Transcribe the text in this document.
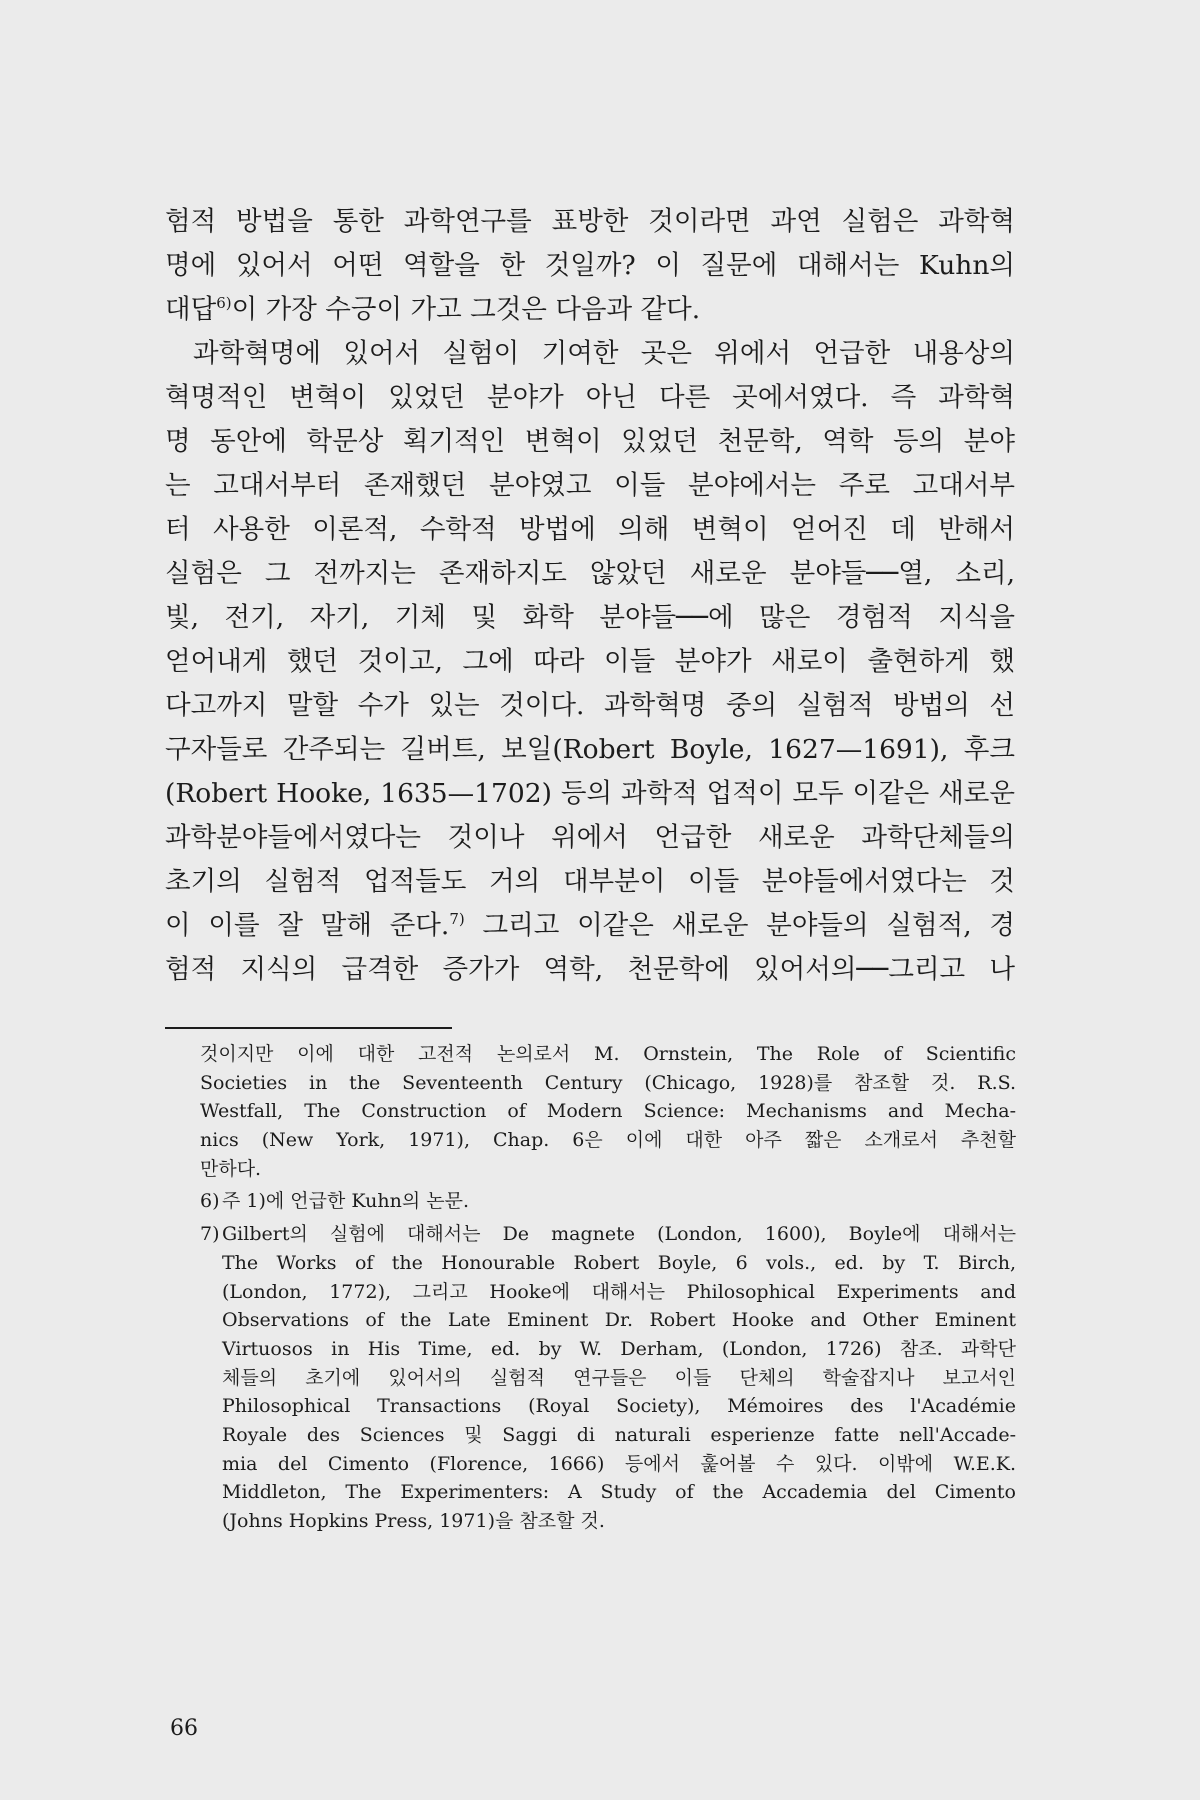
험적 방법을 통한 과학연구를 표방한 것이라면 과연 실험은 과학혁
명에 있어서 어떤 역할을 한 것일까? 이 질문에 대해서는 Kuhn의
대답$^{6)}$이 가장 수긍이 가고 그것은 다음과 같다.
과학혁명에 있어서 실험이 기여한 곳은 위에서 언급한 내용상의
혁명적인 변혁이 있었던 분야가 아닌 다른 곳에서였다. 즉 과학혁
명 동안에 학문상 획기적인 변혁이 있었던 천문학, 역학 등의 분야
는 고대서부터 존재했던 분야였고 이들 분야에서는 주로 고대서부
터 사용한 이론적, 수학적 방법에 의해 변혁이 얻어진 데 반해서
실험은 그 전까지는 존재하지도 않았던 새로운 분야들──열, 소리,
빛, 전기, 자기, 기체 및 화학 분야들──에 많은 경험적 지식을
얻어내게 했던 것이고, 그에 따라 이들 분야가 새로이 출현하게 했
다고까지 말할 수가 있는 것이다. 과학혁명 중의 실험적 방법의 선
구자들로 간주되는 길버트, 보일(Robert Boyle, 1627—1691), 후크
(Robert Hooke, 1635—1702) 등의 과학적 업적이 모두 이같은 새로운
과학분야들에서였다는 것이나 위에서 언급한 새로운 과학단체들의
초기의 실험적 업적들도 거의 대부분이 이들 분야들에서였다는 것
이 이를 잘 말해 준다.$^{7)}$ 그리고 이같은 새로운 분야들의 실험적, 경
험적 지식의 급격한 증가가 역학, 천문학에 있어서의──그리고 나
것이지만 이에 대한 고전적 논의로서 M. Ornstein, The Role of Scientific
Societies in the Seventeenth Century (Chicago, 1928)를 참조할 것. R.S.
Westfall, The Construction of Modern Science: Mechanisms and Mecha-
nics (New York, 1971), Chap. 6은 이에 대한 아주 짧은 소개로서 추천할
만하다.
6) 주 1)에 언급한 Kuhn의 논문.
7) Gilbert의 실험에 대해서는 De magnete (London, 1600), Boyle에 대해서는
The Works of the Honourable Robert Boyle, 6 vols., ed. by T. Birch,
(London, 1772), 그리고 Hooke에 대해서는 Philosophical Experiments and
Observations of the Late Eminent Dr. Robert Hooke and Other Eminent
Virtuosos in His Time, ed. by W. Derham, (London, 1726) 참조. 과학단
체들의 초기에 있어서의 실험적 연구들은 이들 단체의 학술잡지나 보고서인
Philosophical Transactions (Royal Society), Mémoires des l'Académie
Royale des Sciences 및 Saggi di naturali esperienze fatte nell'Accade-
mia del Cimento (Florence, 1666) 등에서 훑어볼 수 있다. 이밖에 W.E.K.
Middleton, The Experimenters: A Study of the Accademia del Cimento
(Johns Hopkins Press, 1971)을 참조할 것.
66
